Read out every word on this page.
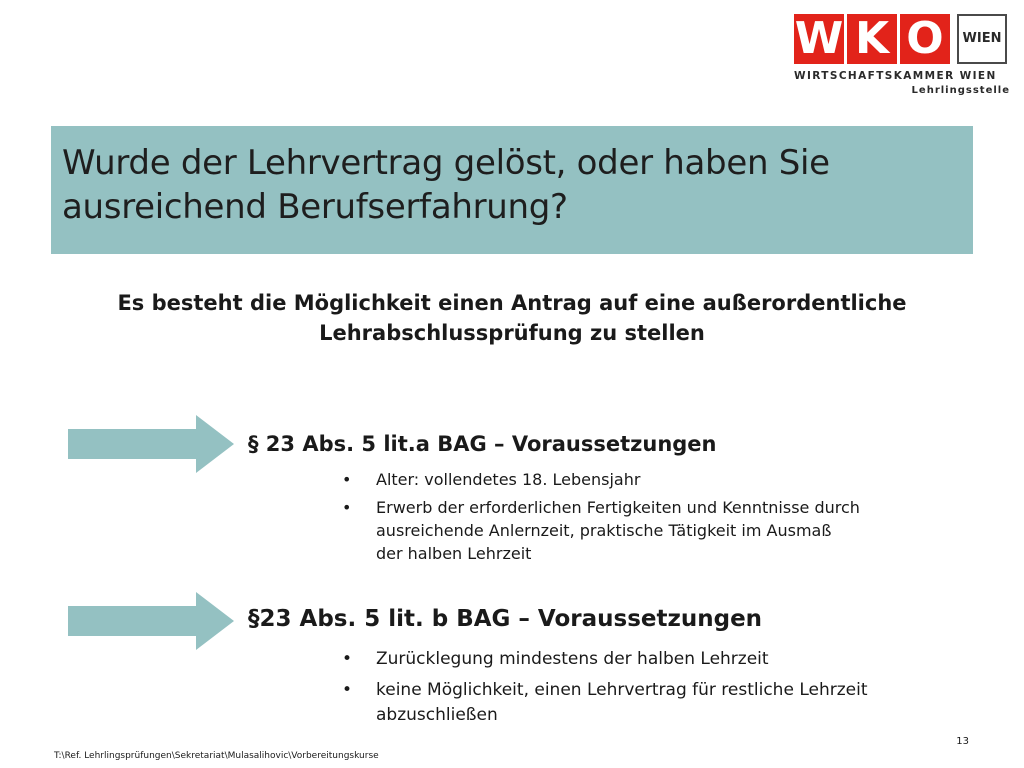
W K O	WIEN
WIRTSCHAFTSKAMMER WIEN
Lehrlingsstelle
Wurde der Lehrvertrag gelöst, oder haben Sie
ausreichend Berufserfahrung?
Es besteht die Möglichkeit einen Antrag auf eine außerordentliche
Lehrabschlussprüfung zu stellen
§ 23 Abs. 5 lit.a BAG – Voraussetzungen
• Alter: vollendetes 18. Lebensjahr
• Erwerb der erforderlichen Fertigkeiten und Kenntnisse durch
ausreichende Anlernzeit, praktische Tätigkeit im Ausmaß
der halben Lehrzeit
§23 Abs. 5 lit. b BAG – Voraussetzungen
• Zurücklegung mindestens der halben Lehrzeit
• keine Möglichkeit, einen Lehrvertrag für restliche Lehrzeit
abzuschließen
13
T:\Ref. Lehrlingsprüfungen\Sekretariat\Mulasalihovic\Vorbereitungskurse
